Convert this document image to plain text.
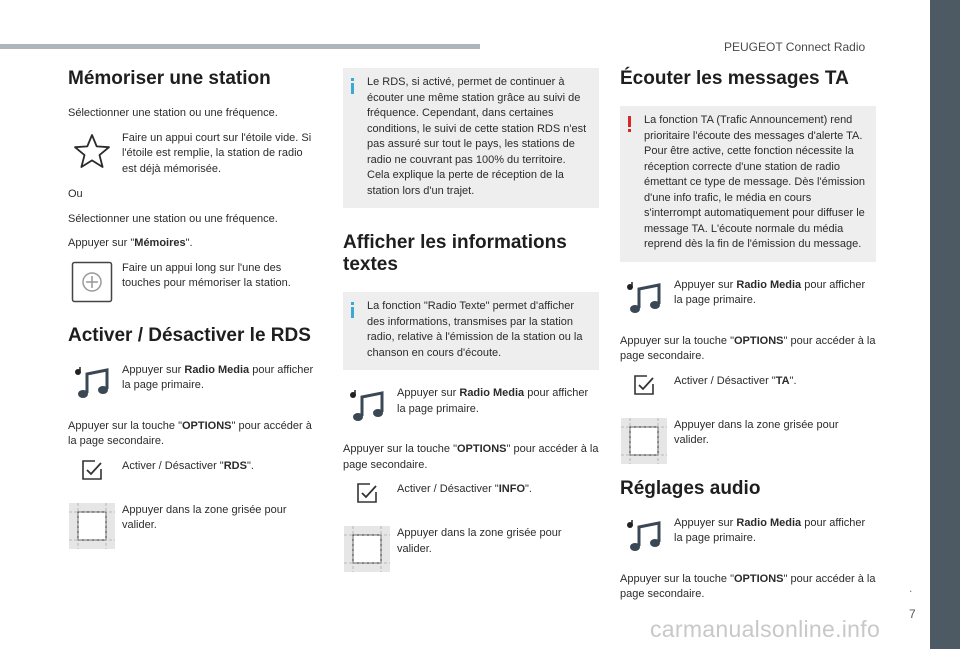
PEUGEOT Connect Radio
.
7
carmanualsonline.info
Mémoriser une station

Sélectionner une station ou une fréquence.

Faire un appui court sur l'étoile vide. Si l'étoile est remplie, la station de radio est déjà mémorisée.

Ou

Sélectionner une station ou une fréquence.

Appuyer sur "Mémoires".

Faire un appui long sur l'une des touches pour mémoriser la station.
Activer / Désactiver le RDS
Appuyer sur Radio Media pour afficher la page primaire.

Appuyer sur la touche "OPTIONS" pour accéder à la page secondaire.

Activer / Désactiver "RDS".
Appuyer dans la zone grisée pour valider.
Le RDS, si activé, permet de continuer à écouter une même station grâce au suivi de fréquence. Cependant, dans certaines conditions, le suivi de cette station RDS n'est pas assuré sur tout le pays, les stations de radio ne couvrant pas 100% du territoire. Cela explique la perte de réception de la station lors d'un trajet.
Afficher les informations textes
La fonction "Radio Texte" permet d'afficher des informations, transmises par la station radio, relative à l'émission de la station ou la chanson en cours d'écoute.
Appuyer sur Radio Media pour afficher la page primaire.

Appuyer sur la touche "OPTIONS" pour accéder à la page secondaire.

Activer / Désactiver "INFO".
Appuyer dans la zone grisée pour valider.
Écouter les messages TA
La fonction TA (Trafic Announcement) rend prioritaire l'écoute des messages d'alerte TA. Pour être active, cette fonction nécessite la réception correcte d'une station de radio émettant ce type de message. Dès l'émission d'une info trafic, le média en cours s'interrompt automatiquement pour diffuser le message TA. L'écoute normale du média reprend dès la fin de l'émission du message.
Appuyer sur Radio Media pour afficher la page primaire.

Appuyer sur la touche "OPTIONS" pour accéder à la page secondaire.

Activer / Désactiver "TA".
Appuyer dans la zone grisée pour valider.
Réglages audio
Appuyer sur Radio Media pour afficher la page primaire.

Appuyer sur la touche "OPTIONS" pour accéder à la page secondaire.
